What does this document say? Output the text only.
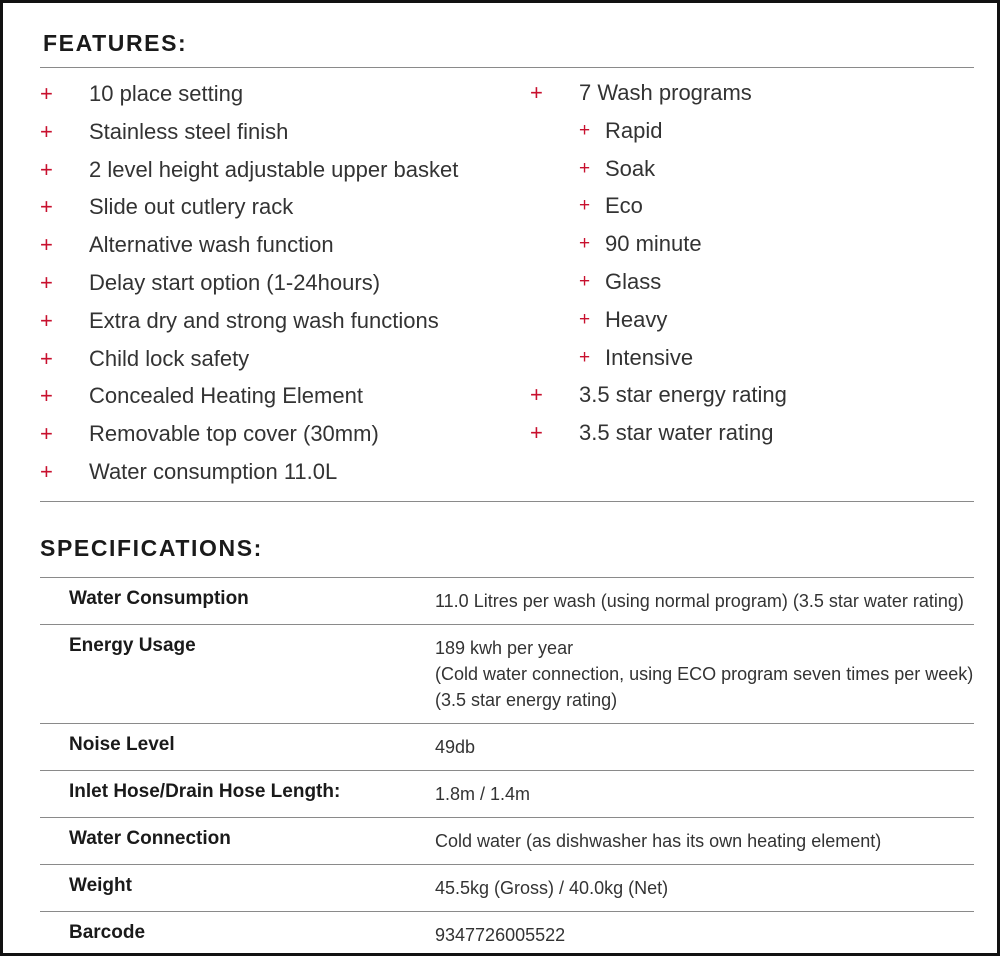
FEATURES:
+ 10 place setting
+ Stainless steel finish
+ 2 level height adjustable upper basket
+ Slide out cutlery rack
+ Alternative wash function
+ Delay start option (1-24hours)
+ Extra dry and strong wash functions
+ Child lock safety
+ Concealed Heating Element
+ Removable top cover (30mm)
+ Water consumption 11.0L
+ 7 Wash programs
+ Rapid
+ Soak
+ Eco
+ 90 minute
+ Glass
+ Heavy
+ Intensive
+ 3.5 star energy rating
+ 3.5 star water rating
SPECIFICATIONS:
Water Consumption	11.0 Litres per wash (using normal program) (3.5 star water rating)

Energy Usage	189 kwh per year
(Cold water connection, using ECO program seven times per week)
(3.5 star energy rating)

Noise Level	49db

Inlet Hose/Drain Hose Length:	1.8m / 1.4m

Water Connection	Cold water (as dishwasher has its own heating element)

Weight	45.5kg (Gross) / 40.0kg (Net)

Barcode	9347726005522
